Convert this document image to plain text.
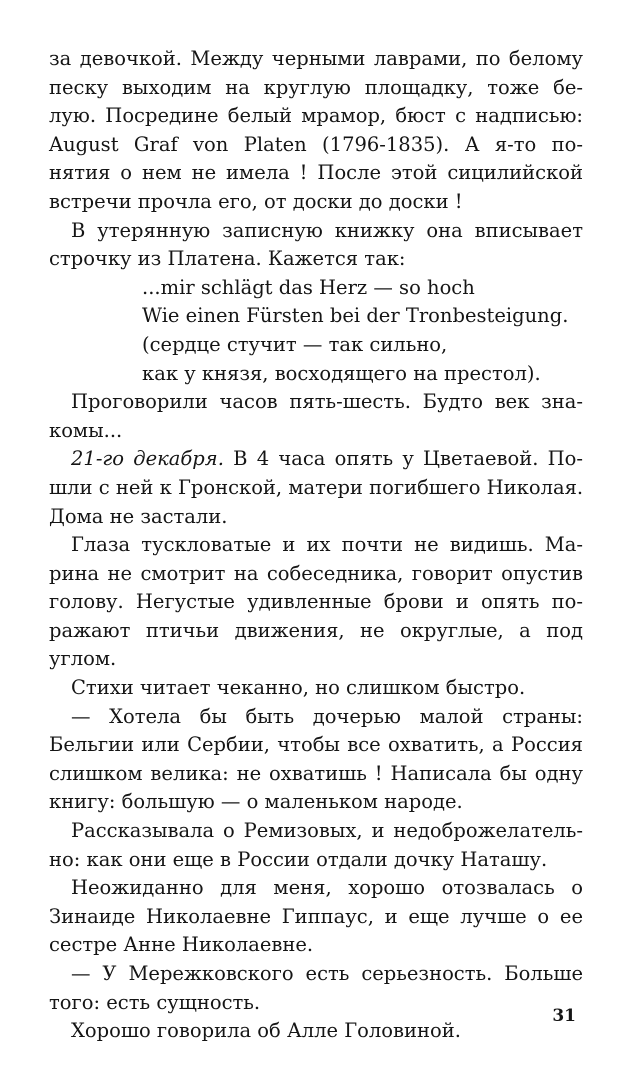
за девочкой. Между черными лаврами, по белому
песку выходим на круглую площадку, тоже бе-
лую. Посредине белый мрамор, бюст с надписью:
August Graf von Platen (1796-1835). А я-то по-
нятия о нем не имела ! После этой сицилийской
встречи прочла его, от доски до доски !
В утерянную записную книжку она вписывает
строчку из Платена. Кажется так:
...mir schlägt das Herz — so hoch
Wie einen Fürsten bei der Tronbesteigung.
(сердце стучит — так сильно,
как у князя, восходящего на престол).
Проговорили часов пять-шесть. Будто век зна-
комы...
21-го декабря. В 4 часа опять у Цветаевой. По-
шли с ней к Гронской, матери погибшего Николая.
Дома не застали.
Глаза тускловатые и их почти не видишь. Ма-
рина не смотрит на собеседника, говорит опустив
голову. Негустые удивленные брови и опять по-
ражают птичьи движения, не округлые, а под
углом.
Стихи читает чеканно, но слишком быстро.
— Хотела бы быть дочерью малой страны:
Бельгии или Сербии, чтобы все охватить, а Россия
слишком велика: не охватишь ! Написала бы одну
книгу: большую — о маленьком народе.
Рассказывала о Ремизовых, и недоброжелатель-
но: как они еще в России отдали дочку Наташу.
Неожиданно для меня, хорошо отозвалась о
Зинаиде Николаевне Гиппаус, и еще лучше о ее
сестре Анне Николаевне.
— У Мережковского есть серьезность. Больше
того: есть сущность.
Хорошо говорила об Алле Головиной.
31
